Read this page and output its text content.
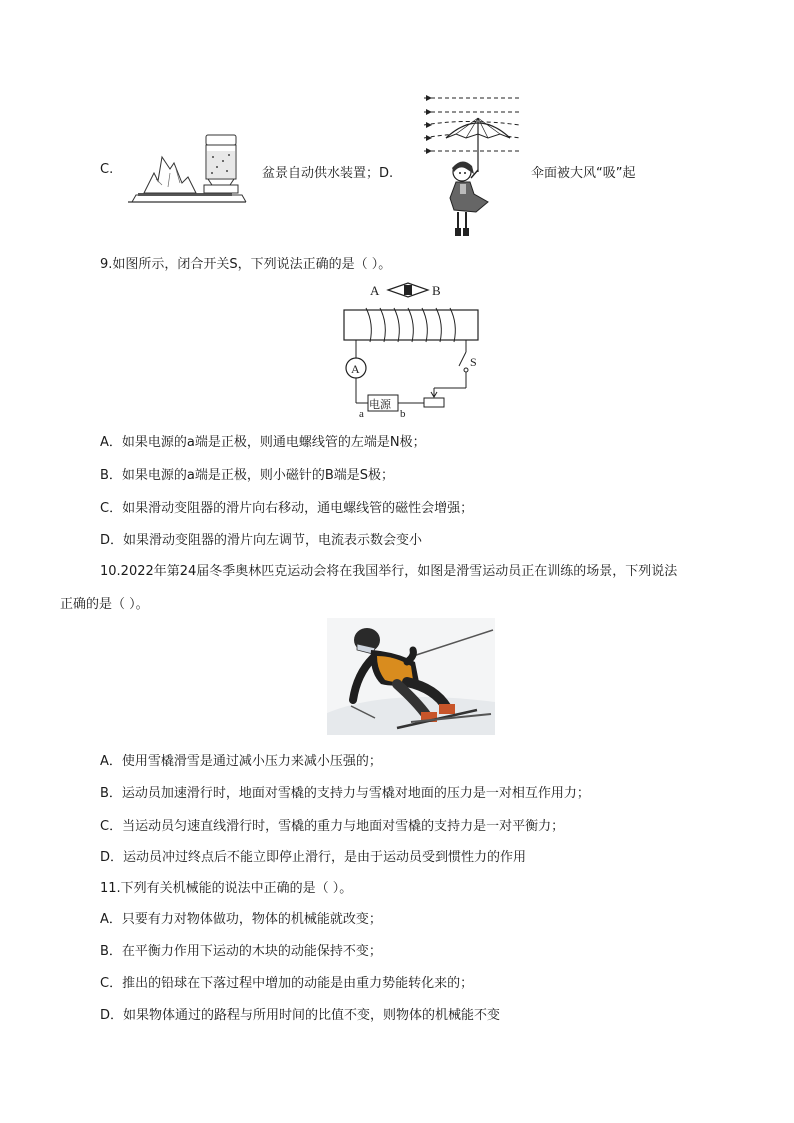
C.	盆景自动供水装置；D.	伞面被大风“吸”起
9.如图所示，闭合开关S，下列说法正确的是（ ）。
A	B
A
电源
a	b
S
A．如果电源的a端是正极，则通电螺线管的左端是N极；
B．如果电源的a端是正极，则小磁针的B端是S极；
C．如果滑动变阻器的滑片向右移动，通电螺线管的磁性会增强；
D．如果滑动变阻器的滑片向左调节，电流表示数会变小
10.2022年第24届冬季奥林匹克运动会将在我国举行，如图是滑雪运动员正在训练的场景，下列说法
正确的是（ ）。
A．使用雪橇滑雪是通过减小压力来减小压强的；
B．运动员加速滑行时，地面对雪橇的支持力与雪橇对地面的压力是一对相互作用力；
C．当运动员匀速直线滑行时，雪橇的重力与地面对雪橇的支持力是一对平衡力；
D．运动员冲过终点后不能立即停止滑行，是由于运动员受到惯性力的作用
11.下列有关机械能的说法中正确的是（ ）。
A．只要有力对物体做功，物体的机械能就改变；
B．在平衡力作用下运动的木块的动能保持不变；
C．推出的铅球在下落过程中增加的动能是由重力势能转化来的；
D．如果物体通过的路程与所用时间的比值不变，则物体的机械能不变
